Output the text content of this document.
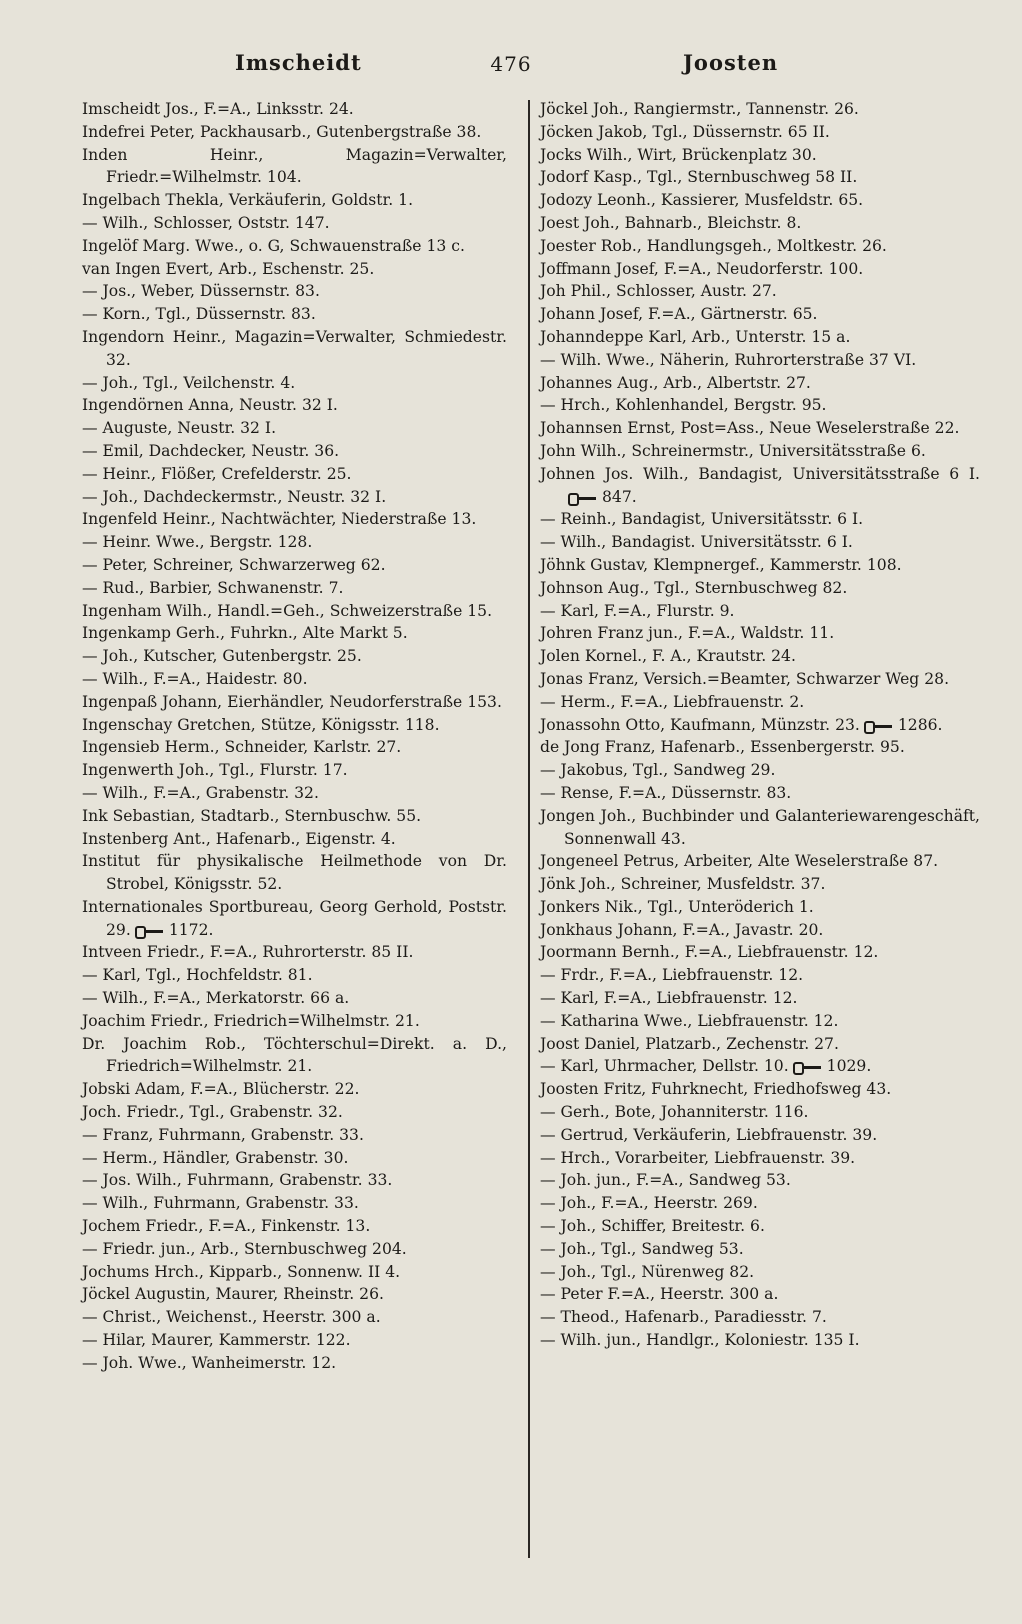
Imscheidt	476	Joosten
Imscheidt Jos., F.=A., Linksstr. 24.
Indefrei Peter, Packhausarb., Gutenbergstraße 38.
Inden Heinr., Magazin=Verwalter, Friedr.=Wilhelmstr. 104.
Ingelbach Thekla, Verkäuferin, Goldstr. 1.
— Wilh., Schlosser, Oststr. 147.
Ingelöf Marg. Wwe., o. G, Schwauenstraße 13 c.
van Ingen Evert, Arb., Eschenstr. 25.
— Jos., Weber, Düssernstr. 83.
— Korn., Tgl., Düssernstr. 83.
Ingendorn Heinr., Magazin=Verwalter, Schmiedestr. 32.
— Joh., Tgl., Veilchenstr. 4.
Ingendörnen Anna, Neustr. 32 I.
— Auguste, Neustr. 32 I.
— Emil, Dachdecker, Neustr. 36.
— Heinr., Flößer, Crefelderstr. 25.
— Joh., Dachdeckermstr., Neustr. 32 I.
Ingenfeld Heinr., Nachtwächter, Niederstraße 13.
— Heinr. Wwe., Bergstr. 128.
— Peter, Schreiner, Schwarzerweg 62.
— Rud., Barbier, Schwanenstr. 7.
Ingenham Wilh., Handl.=Geh., Schweizerstraße 15.
Ingenkamp Gerh., Fuhrkn., Alte Markt 5.
— Joh., Kutscher, Gutenbergstr. 25.
— Wilh., F.=A., Haidestr. 80.
Ingenpaß Johann, Eierhändler, Neudorferstraße 153.
Ingenschay Gretchen, Stütze, Königsstr. 118.
Ingensieb Herm., Schneider, Karlstr. 27.
Ingenwerth Joh., Tgl., Flurstr. 17.
— Wilh., F.=A., Grabenstr. 32.
Ink Sebastian, Stadtarb., Sternbuschw. 55.
Instenberg Ant., Hafenarb., Eigenstr. 4.
Institut für physikalische Heilmethode von Dr. Strobel, Königsstr. 52.
Internationales Sportbureau, Georg Gerhold, Poststr. 29. 1172.
Intveen Friedr., F.=A., Ruhrorterstr. 85 II.
— Karl, Tgl., Hochfeldstr. 81.
— Wilh., F.=A., Merkatorstr. 66 a.
Joachim Friedr., Friedrich=Wilhelmstr. 21.
Dr. Joachim Rob., Töchterschul=Direkt. a. D., Friedrich=Wilhelmstr. 21.
Jobski Adam, F.=A., Blücherstr. 22.
Joch. Friedr., Tgl., Grabenstr. 32.
— Franz, Fuhrmann, Grabenstr. 33.
— Herm., Händler, Grabenstr. 30.
— Jos. Wilh., Fuhrmann, Grabenstr. 33.
— Wilh., Fuhrmann, Grabenstr. 33.
Jochem Friedr., F.=A., Finkenstr. 13.
— Friedr. jun., Arb., Sternbuschweg 204.
Jochums Hrch., Kipparb., Sonnenw. II 4.
Jöckel Augustin, Maurer, Rheinstr. 26.
— Christ., Weichenst., Heerstr. 300 a.
— Hilar, Maurer, Kammerstr. 122.
— Joh. Wwe., Wanheimerstr. 12.
Jöckel Joh., Rangiermstr., Tannenstr. 26.
Jöcken Jakob, Tgl., Düssernstr. 65 II.
Jocks Wilh., Wirt, Brückenplatz 30.
Jodorf Kasp., Tgl., Sternbuschweg 58 II.
Jodozy Leonh., Kassierer, Musfeldstr. 65.
Joest Joh., Bahnarb., Bleichstr. 8.
Joester Rob., Handlungsgeh., Moltkestr. 26.
Joffmann Josef, F.=A., Neudorferstr. 100.
Joh Phil., Schlosser, Austr. 27.
Johann Josef, F.=A., Gärtnerstr. 65.
Johanndeppe Karl, Arb., Unterstr. 15 a.
— Wilh. Wwe., Näherin, Ruhrorterstraße 37 VI.
Johannes Aug., Arb., Albertstr. 27.
— Hrch., Kohlenhandel, Bergstr. 95.
Johannsen Ernst, Post=Ass., Neue Weselerstraße 22.
John Wilh., Schreinermstr., Universitätsstraße 6.
Johnen Jos. Wilh., Bandagist, Universitätsstraße 6 I.847.
— Reinh., Bandagist, Universitätsstr. 6 I.
— Wilh., Bandagist. Universitätsstr. 6 I.
Jöhnk Gustav, Klempnergef., Kammerstr. 108.
Johnson Aug., Tgl., Sternbuschweg 82.
— Karl, F.=A., Flurstr. 9.
Johren Franz jun., F.=A., Waldstr. 11.
Jolen Kornel., F. A., Krautstr. 24.
Jonas Franz, Versich.=Beamter, Schwarzer Weg 28.
— Herm., F.=A., Liebfrauenstr. 2.
Jonassohn Otto, Kaufmann, Münzstr. 23. 1286.
de Jong Franz, Hafenarb., Essenbergerstr. 95.
— Jakobus, Tgl., Sandweg 29.
— Rense, F.=A., Düssernstr. 83.
Jongen Joh., Buchbinder und Galanteriewarengeschäft, Sonnenwall 43.
Jongeneel Petrus, Arbeiter, Alte Weselerstraße 87.
Jönk Joh., Schreiner, Musfeldstr. 37.
Jonkers Nik., Tgl., Unteröderich 1.
Jonkhaus Johann, F.=A., Javastr. 20.
Joormann Bernh., F.=A., Liebfrauenstr. 12.
— Frdr., F.=A., Liebfrauenstr. 12.
— Karl, F.=A., Liebfrauenstr. 12.
— Katharina Wwe., Liebfrauenstr. 12.
Joost Daniel, Platzarb., Zechenstr. 27.
— Karl, Uhrmacher, Dellstr. 10. 1029.
Joosten Fritz, Fuhrknecht, Friedhofsweg 43.
— Gerh., Bote, Johanniterstr. 116.
— Gertrud, Verkäuferin, Liebfrauenstr. 39.
— Hrch., Vorarbeiter, Liebfrauenstr. 39.
— Joh. jun., F.=A., Sandweg 53.
— Joh., F.=A., Heerstr. 269.
— Joh., Schiffer, Breitestr. 6.
— Joh., Tgl., Sandweg 53.
— Joh., Tgl., Nürenweg 82.
— Peter F.=A., Heerstr. 300 a.
— Theod., Hafenarb., Paradiesstr. 7.
— Wilh. jun., Handlgr., Koloniestr. 135 I.
